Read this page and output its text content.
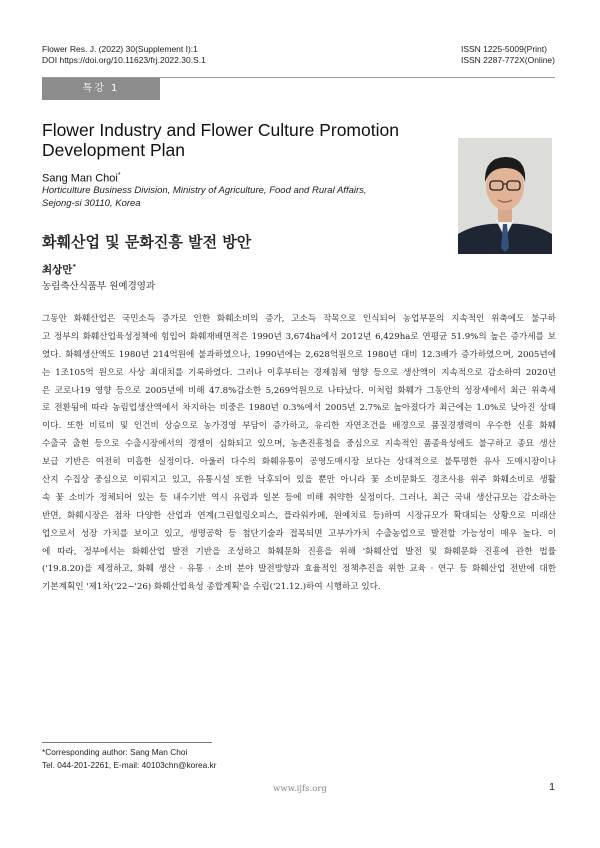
Flower Res. J. (2022) 30(Supplement I):1
DOI https://doi.org/10.11623/frj.2022.30.S.1
ISSN 1225-5009(Print)
ISSN 2287-772X(Online)
특강 1
Flower Industry and Flower Culture Promotion
Development Plan
Sang Man Choi*
Horticulture Business Division, Ministry of Agriculture, Food and Rural Affairs,
Sejong-si 30110, Korea
화훼산업 및 문화진흥 발전 방안
최상만*
농림축산식품부 원예경영과
그동안 화훼산업은 국민소득 증가로 인한 화훼소비의 증가, 고소득 작목으로 인식되어 농업부문의 지속적인 위축에도 불구하
고 정부의 화훼산업육성정책에 힘입어 화훼재배면적은 1990년 3,674ha에서 2012년 6,429ha로 연평균 51.9%의 높은 증가세를 보
였다. 화훼생산액도 1980년 214억원에 불과하였으나, 1990년에는 2,628억원으로 1980년 대비 12.3배가 증가하였으며, 2005년에
는 1조105억 원으로 사상 최대치를 기록하였다. 그러나 이후부터는 경제침체 영향 등으로 생산액이 지속적으로 감소하여 2020년
은 코로나19 영향 등으로 2005년에 비해 47.8%감소한 5,269억원으로 나타났다. 이처럼 화훼가 그동안의 성장세에서 최근 위축세
로 전환됨에 따라 농림업생산액에서 차지하는 비중은 1980년 0.3%에서 2005년 2.7%로 높아졌다가 최근에는 1.0%로 낮아진 상태
이다. 또한 비료비 및 인건비 상승으로 농가경영 부담이 증가하고, 유리한 자연조건을 배경으로 품질경쟁력이 우수한 신흥 화훼
수출국 출현 등으로 수출시장에서의 경쟁이 심화되고 있으며, 농촌진흥청을 중심으로 지속적인 품종육성에도 불구하고 종묘 생산
보급 기반은 여전히 미흡한 실정이다. 아울러 다수의 화훼유통이 공영도매시장 보다는 상대적으로 불투명한 유사 도매시장이나
산지 수집상 중심으로 이뤄지고 있고, 유통시설 또한 낙후되어 있을 뿐만 아니라 꽃 소비문화도 경조사용 위주 화훼소비로 생활
속 꽃 소비가 정체되어 있는 등 내수기반 역시 유럽과 일본 등에 비해 취약한 실정이다. 그러나, 최근 국내 생산규모는 감소하는
반면, 화훼시장은 점차 다양한 산업과 연계(그린힐링오피스, 플라워카페, 원예치료 등)하여 시장규모가 확대되는 상황으로 미래산
업으로서 성장 가치를 보이고 있고, 생명공학 등 첨단기술과 접목되면 고부가가치 수출농업으로 발전할 가능성이 매우 높다. 이
에 따라, 정부에서는 화훼산업 발전 기반을 조성하고 화훼문화 진흥을 위해 '화훼산업 발전 및 화훼문화 진흥에 관한 법률
('19.8.20)을 제정하고, 화훼 생산 · 유통 · 소비 분야 발전방향과 효율적인 정책추진을 위한 교육 · 연구 등 화훼산업 전반에 대한
기본계획인 '제1차('22~'26) 화훼산업육성 종합계획'을 수립('21.12.)하여 시행하고 있다.
*Corresponding author: Sang Man Choi
Tel. 044-201-2261, E-mail: 40103chn@korea.kr
www.ijfs.org	1
